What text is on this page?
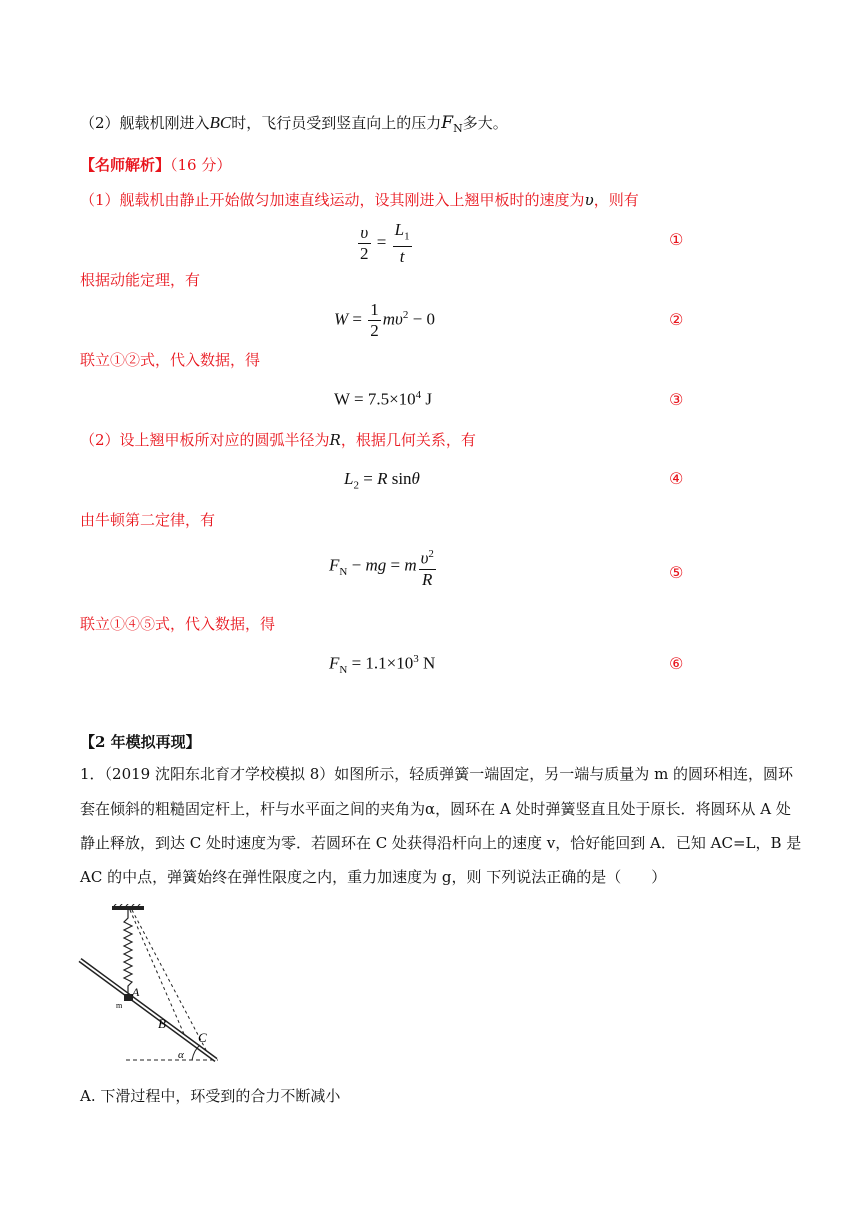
（2）舰载机刚进入BC时，飞行员受到竖直向上的压力$F_N$多大。
【名师解析】（16 分）
（1）舰载机由静止开始做匀加速直线运动，设其刚进入上翘甲板时的速度为υ，则有
$\frac{\upsilon}{2} = \frac{L_1}{t}$	①
根据动能定理，有
$W = \frac{1}{2} m\upsilon^2 - 0$	②
联立①②式，代入数据，得
$W = 7.5\times 10^4$ J	③
（2）设上翘甲板所对应的圆弧半径为R，根据几何关系，有
$L_2 = R$ sinθ	④
由牛顿第二定律，有
$F_N$ − mg = m $\frac{\upsilon^2}{R}$	⑤
联立①④⑤式，代入数据，得
$F_N = 1.1\times 10^3$ N	⑥
【2 年模拟再现】
1．（2019 沈阳东北育才学校模拟 8）如图所示，轻质弹簧一端固定，另一端与质量为 m 的圆环相连，圆环
套在倾斜的粗糙固定杆上，杆与水平面之间的夹角为α，圆环在 A 处时弹簧竖直且处于原长．将圆环从 A 处
静止释放，到达 C 处时速度为零．若圆环在 C 处获得沿杆向上的速度 v，恰好能回到 A．已知 AC=L，B 是
AC 的中点，弹簧始终在弹性限度之内，重力加速度为 g，则 下列说法正确的是（　　）
A
m
B
C
α
A. 下滑过程中，环受到的合力不断减小
